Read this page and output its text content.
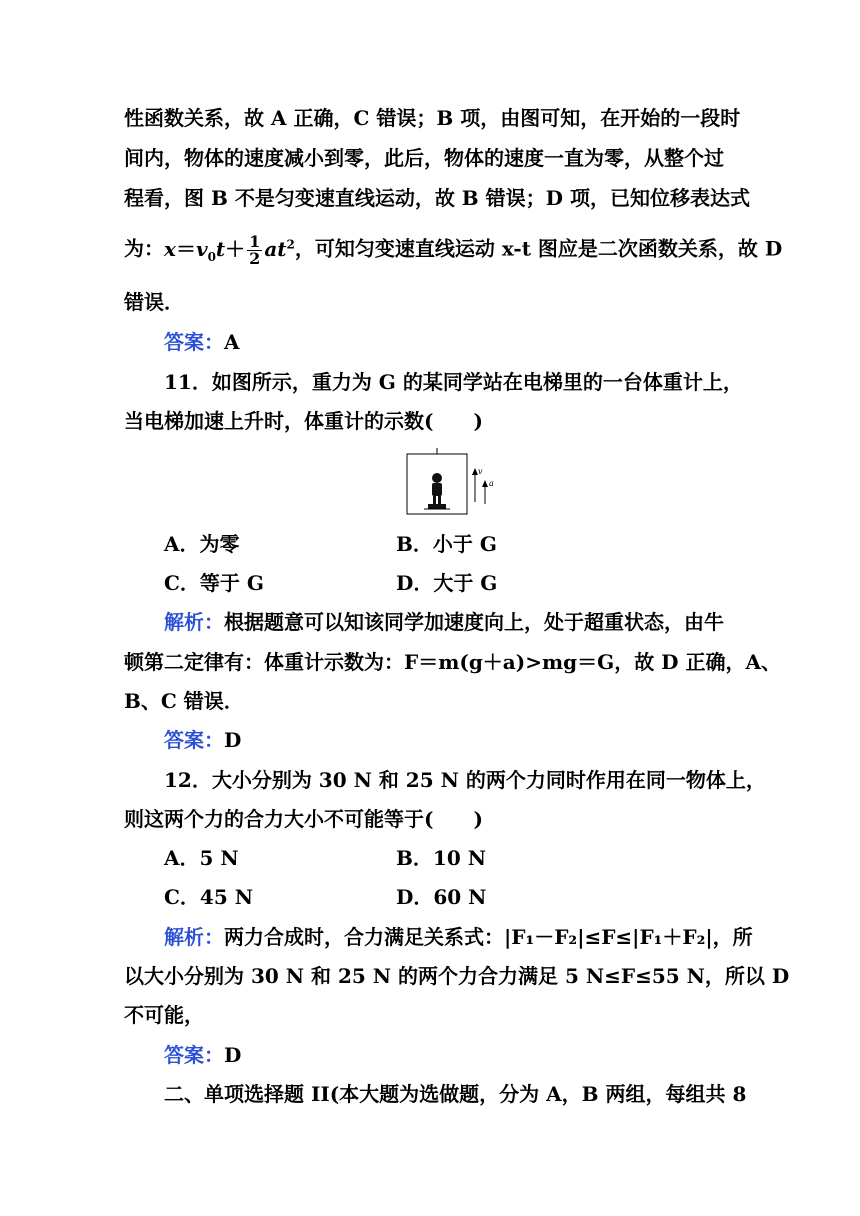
性函数关系，故 A 正确，C 错误；B 项，由图可知，在开始的一段时
间内，物体的速度减小到零，此后，物体的速度一直为零，从整个过
程看，图 B 不是匀变速直线运动，故 B 错误；D 项，已知位移表达式
为：$x=v_0t+ \frac{1}{2} at^2$，可知匀变速直线运动 x-t 图应是二次函数关系，故 D
错误．
答案：A
11．如图所示，重力为 G 的某同学站在电梯里的一台体重计上，
当电梯加速上升时，体重计的示数(　　)
v
a
A．为零	B．小于 G
C．等于 G	D．大于 G
解析：根据题意可以知该同学加速度向上，处于超重状态，由牛
顿第二定律有：体重计示数为：F＝m(g＋a)>mg＝G，故 D 正确，A、
B、C 错误．
答案：D
12．大小分别为 30 N 和 25 N 的两个力同时作用在同一物体上，
则这两个力的合力大小不可能等于(　　)
A．5 N	B．10 N
C．45 N	D．60 N
解析：两力合成时，合力满足关系式：|F₁－F₂|≤F≤|F₁＋F₂|，所
以大小分别为 30 N 和 25 N 的两个力合力满足 5 N≤F≤55 N，所以 D
不可能，
答案：D
二、单项选择题 II(本大题为选做题，分为 A，B 两组，每组共 8
